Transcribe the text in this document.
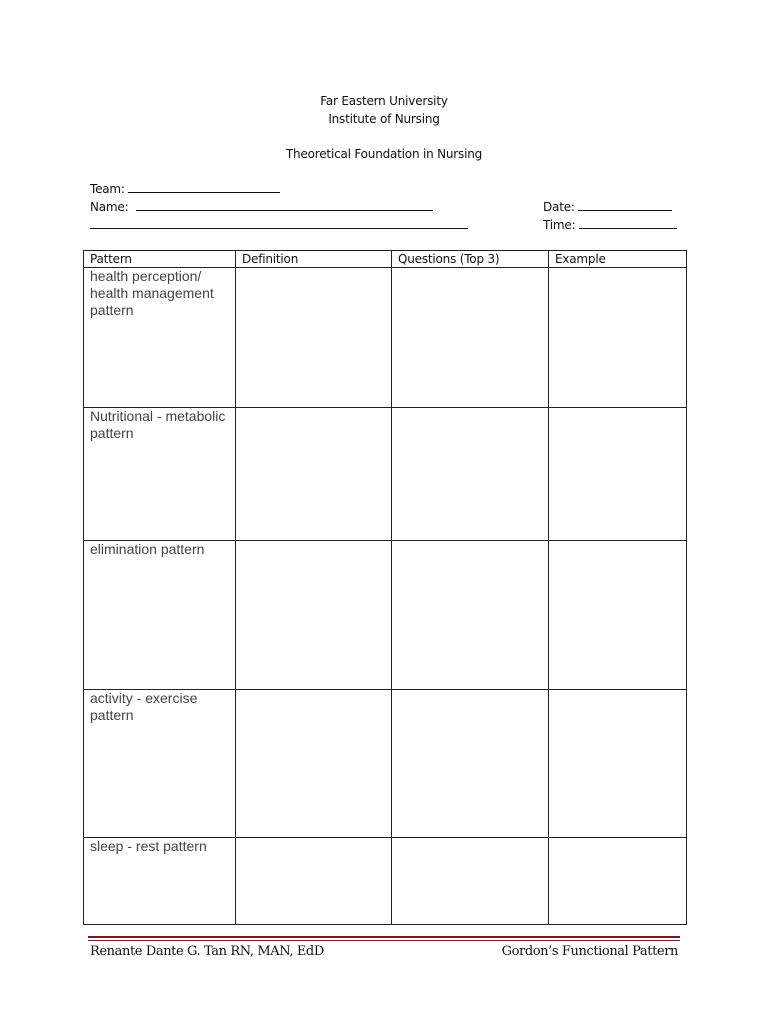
Far Eastern University
Institute of Nursing
Theoretical Foundation in Nursing
Team:
Name:	Date:
Time:
Pattern	Definition	Questions (Top 3)	Example
health perception/ health management pattern			
Nutritional - metabolic pattern			
elimination pattern			
activity - exercise pattern			
sleep - rest pattern			
Renante Dante G. Tan RN, MAN, EdD	Gordon’s Functional Pattern
